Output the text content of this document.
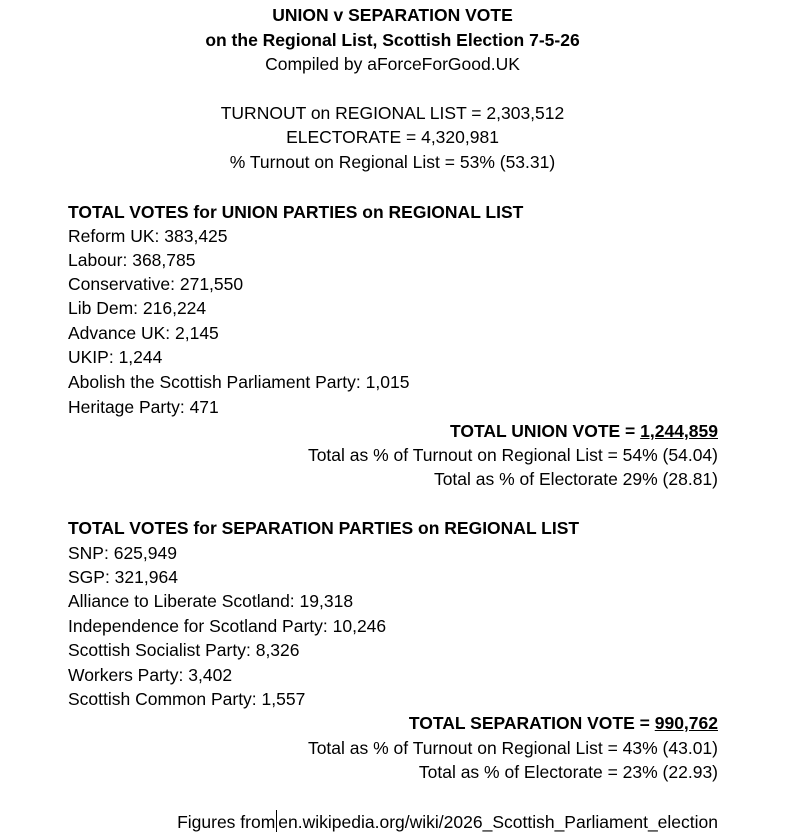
UNION v SEPARATION VOTE
on the Regional List, Scottish Election 7-5-26
Compiled by aForceForGood.UK
TURNOUT on REGIONAL LIST = 2,303,512
ELECTORATE = 4,320,981
% Turnout on Regional List = 53% (53.31)
TOTAL VOTES for UNION PARTIES on REGIONAL LIST
Reform UK: 383,425
Labour: 368,785
Conservative: 271,550
Lib Dem: 216,224
Advance UK: 2,145
UKIP: 1,244
Abolish the Scottish Parliament Party: 1,015
Heritage Party: 471
TOTAL UNION VOTE = 1,244,859
Total as % of Turnout on Regional List = 54% (54.04)
Total as % of Electorate 29% (28.81)
TOTAL VOTES for SEPARATION PARTIES on REGIONAL LIST
SNP: 625,949
SGP: 321,964
Alliance to Liberate Scotland: 19,318
Independence for Scotland Party: 10,246
Scottish Socialist Party: 8,326
Workers Party: 3,402
Scottish Common Party: 1,557
TOTAL SEPARATION VOTE = 990,762
Total as % of Turnout on Regional List = 43% (43.01)
Total as % of Electorate = 23% (22.93)
Figures from en.wikipedia.org/wiki/2026_Scottish_Parliament_election
